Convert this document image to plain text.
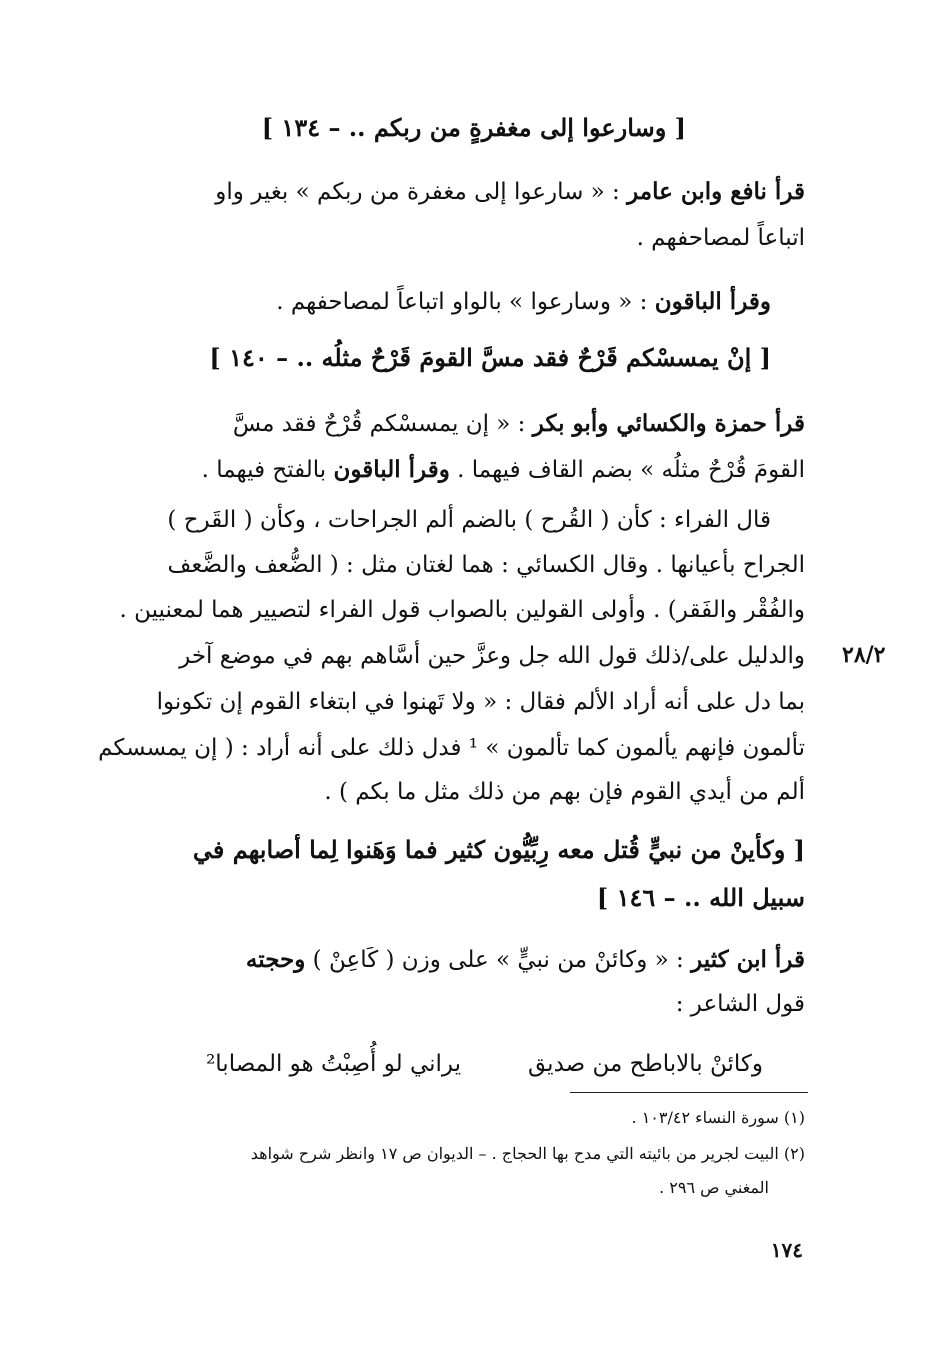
[ وسارعوا إلى مغفرةٍ من ربكم .. – ١٣٤ ]
قرأ نافع وابن عامر : « سارعوا إلى مغفرة من ربكم » بغير واو
اتباعاً لمصاحفهم .
وقرأ الباقون : « وسارعوا » بالواو اتباعاً لمصاحفهم .
[ إنْ يمسسْكم قَرْحٌ فقد مسَّ القومَ قَرْحٌ مثلُه .. – ١٤٠ ]
قرأ حمزة والكسائي وأبو بكر : « إن يمسسْكم قُرْحٌ فقد مسَّ
القومَ قُرْحٌ مثلُه » بضم القاف فيهما . وقرأ الباقون بالفتح فيهما .
قال الفراء : كأن ( القُرح ) بالضم ألم الجراحات ، وكأن ( القَرح )
الجراح بأعيانها . وقال الكسائي : هما لغتان مثل : ( الضُّعف والضَّعف
والفُقْر والفَقر) . وأولى القولين بالصواب قول الفراء لتصيير هما لمعنيين .
٢٨/٢
والدليل على/ذلك قول الله جل وعزَّ حين أسَّاهم بهم في موضع آخر
بما دل على أنه أراد الألم فقال : « ولا تَهنوا في ابتغاء القوم إن تكونوا
تألمون فإنهم يألمون كما تألمون » ¹ فدل ذلك على أنه أراد : ( إن يمسسكم
ألم من أيدي القوم فإن بهم من ذلك مثل ما بكم ) .
[ وكأينْ من نبيٍّ قُتل معه رِبِّيُّون كثير فما وَهَنوا لِما أصابهم في
سبيل الله .. – ١٤٦ ]
قرأ ابن كثير : « وكائنْ من نبيٍّ » على وزن ( كَاعِنْ ) وحجته
قول الشاعر :
وكائنْ بالاباطح من صديق
يراني لو أُصِبْتُ هو المصابا²
(١) سورة النساء ١٠٣/٤٢ .
(٢) البيت لجرير من بائيته التي مدح بها الحجاج . – الديوان ص ١٧ وانظر شرح شواهد
المغني ص ٢٩٦ .
١٧٤
